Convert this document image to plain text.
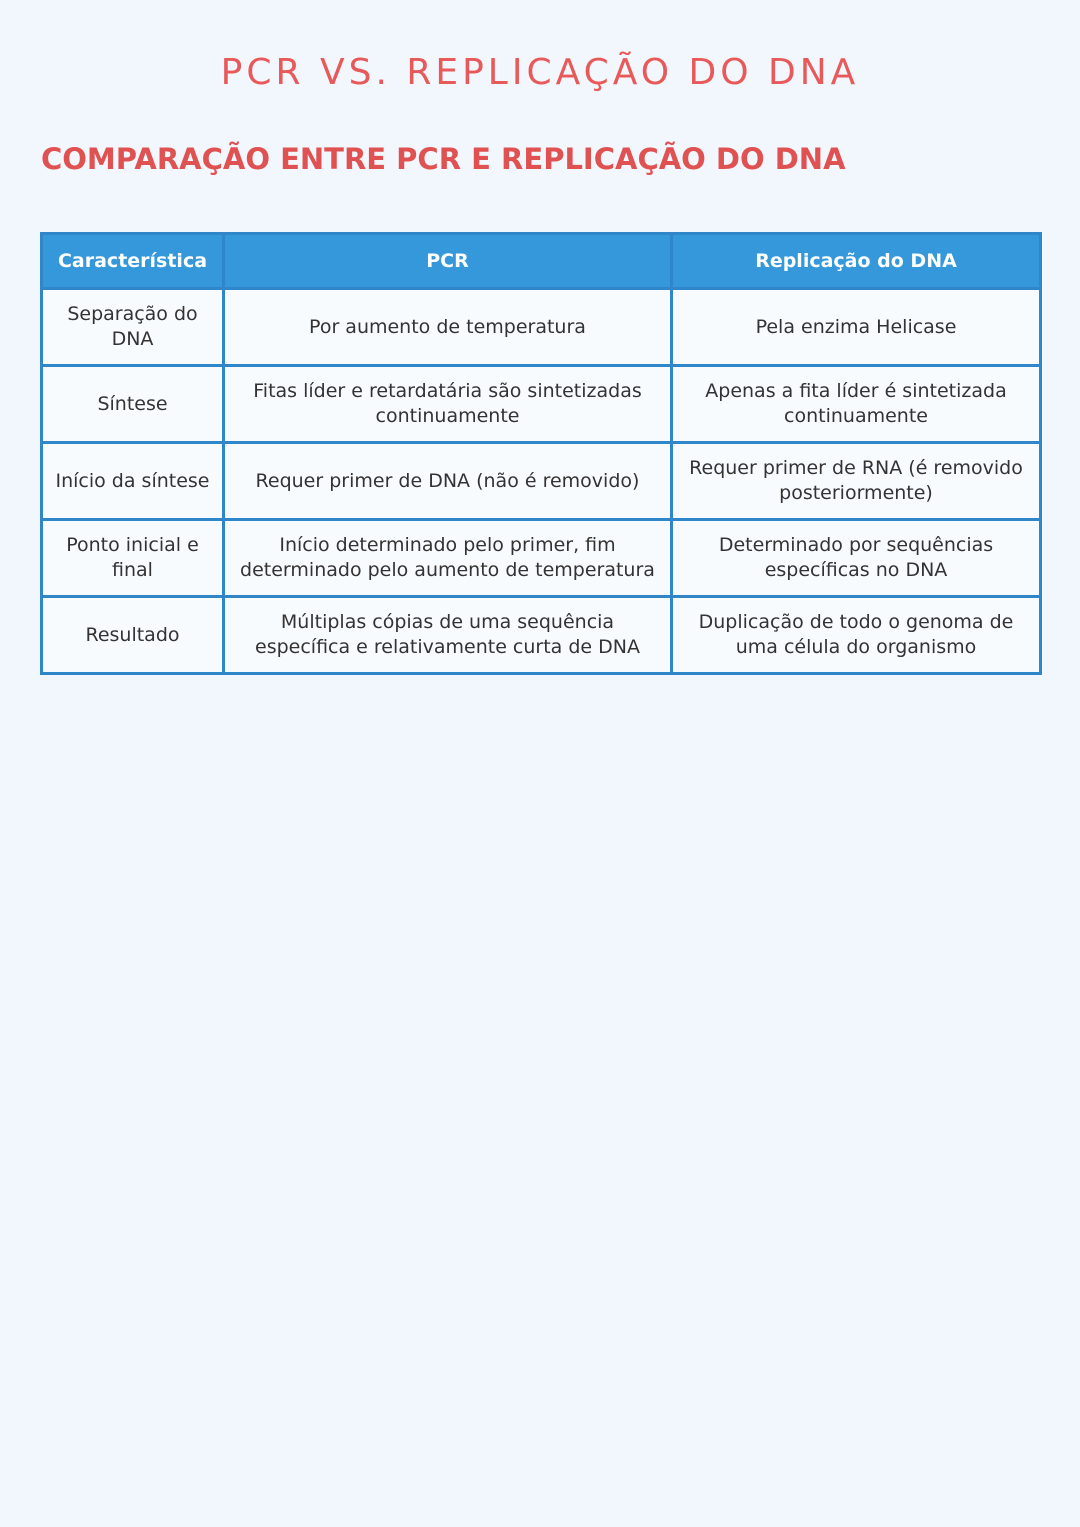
PCR VS. REPLICAÇÃO DO DNA
COMPARAÇÃO ENTRE PCR E REPLICAÇÃO DO DNA
Característica	PCR	Replicação do DNA
Separação do DNA	Por aumento de temperatura	Pela enzima Helicase
Síntese	Fitas líder e retardatária são sintetizadas continuamente	Apenas a fita líder é sintetizada continuamente
Início da síntese	Requer primer de DNA (não é removido)	Requer primer de RNA (é removido posteriormente)
Ponto inicial e final	Início determinado pelo primer, fim determinado pelo aumento de temperatura	Determinado por sequências específicas no DNA
Resultado	Múltiplas cópias de uma sequência específica e relativamente curta de DNA	Duplicação de todo o genoma de uma célula do organismo
